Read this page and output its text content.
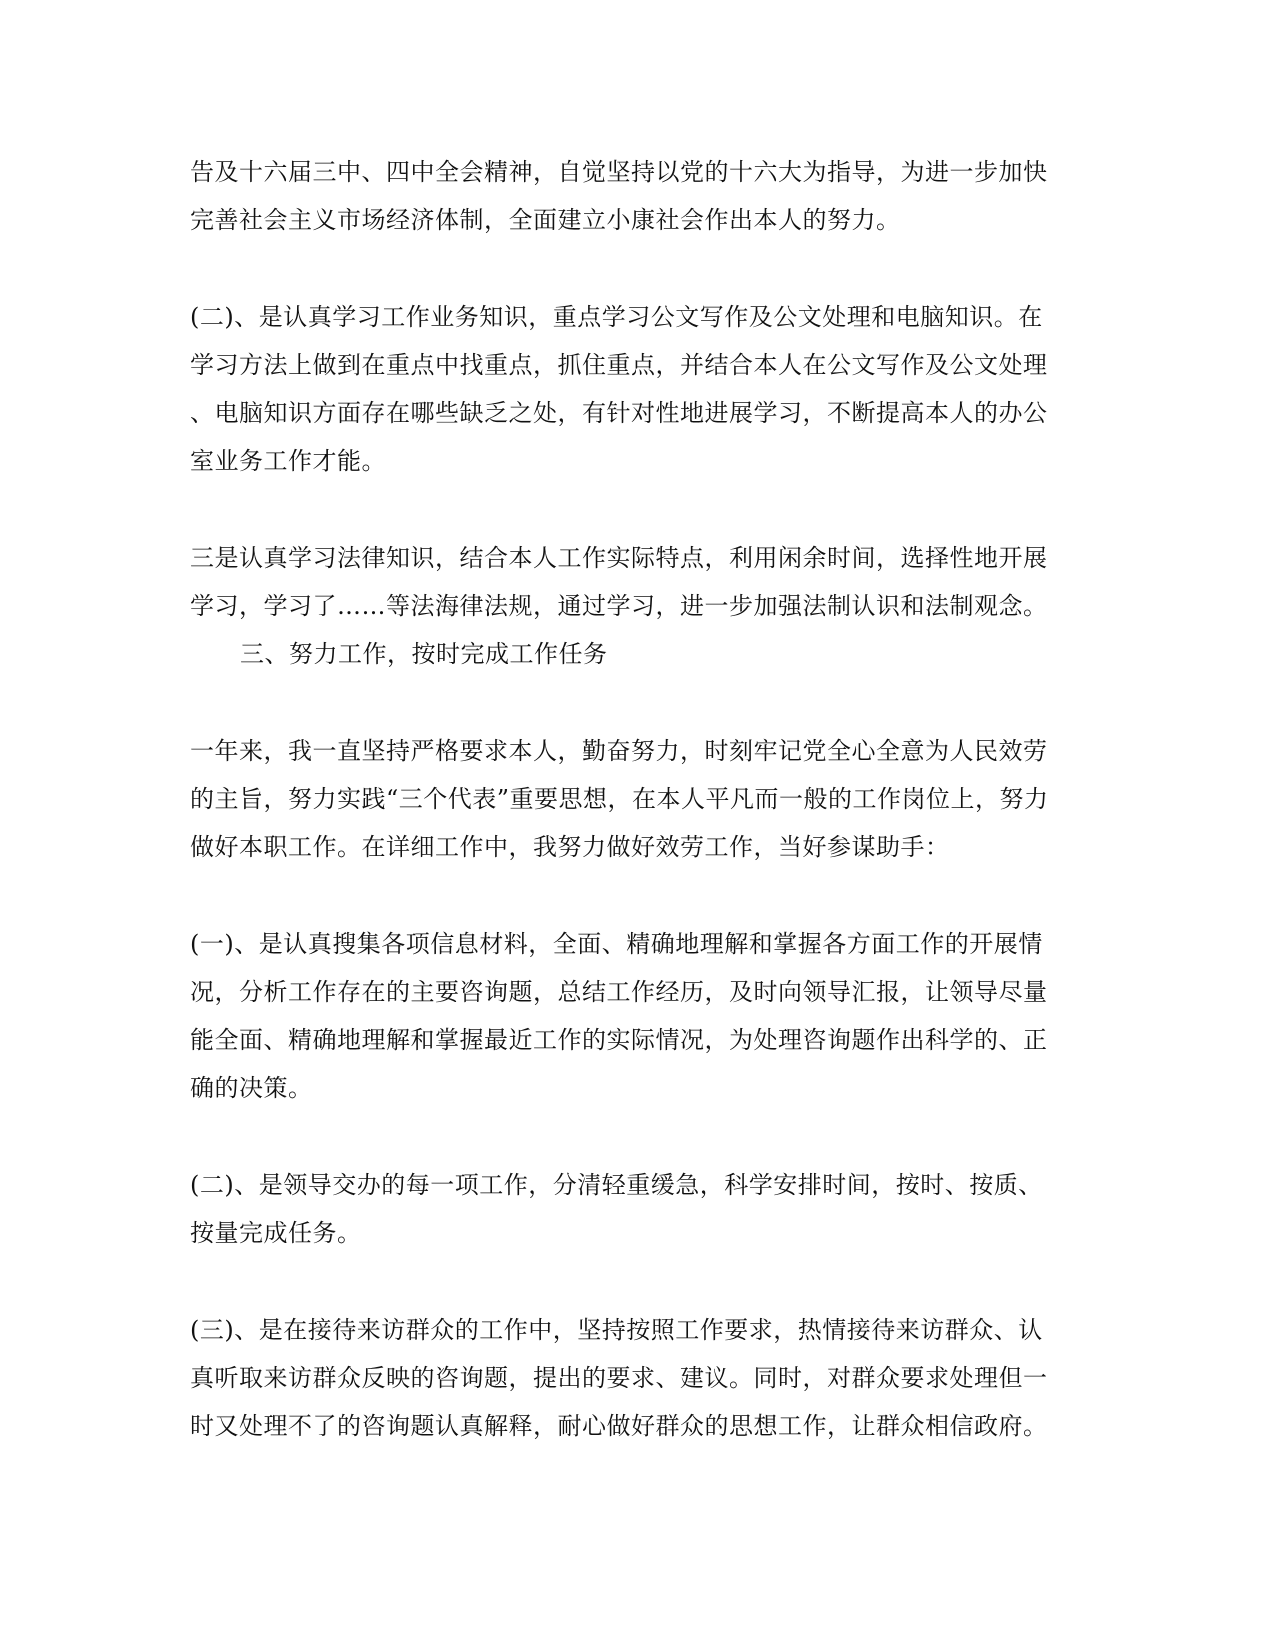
告及十六届三中、四中全会精神，自觉坚持以党的十六大为指导，为进一步加快
完善社会主义市场经济体制，全面建立小康社会作出本人的努力。

(二)、是认真学习工作业务知识，重点学习公文写作及公文处理和电脑知识。在
学习方法上做到在重点中找重点，抓住重点，并结合本人在公文写作及公文处理
、电脑知识方面存在哪些缺乏之处，有针对性地进展学习，不断提高本人的办公
室业务工作才能。

三是认真学习法律知识，结合本人工作实际特点，利用闲余时间，选择性地开展
学习，学习了……等法海律法规，通过学习，进一步加强法制认识和法制观念。

三、努力工作，按时完成工作任务

一年来，我一直坚持严格要求本人，勤奋努力，时刻牢记党全心全意为人民效劳
的主旨，努力实践“三个代表”重要思想，在本人平凡而一般的工作岗位上，努力
做好本职工作。在详细工作中，我努力做好效劳工作，当好参谋助手：

(一)、是认真搜集各项信息材料，全面、精确地理解和掌握各方面工作的开展情
况，分析工作存在的主要咨询题，总结工作经历，及时向领导汇报，让领导尽量
能全面、精确地理解和掌握最近工作的实际情况，为处理咨询题作出科学的、正
确的决策。

(二)、是领导交办的每一项工作，分清轻重缓急，科学安排时间，按时、按质、
按量完成任务。

(三)、是在接待来访群众的工作中，坚持按照工作要求，热情接待来访群众、认
真听取来访群众反映的咨询题，提出的要求、建议。同时，对群众要求处理但一
时又处理不了的咨询题认真解释，耐心做好群众的思想工作，让群众相信政府。
